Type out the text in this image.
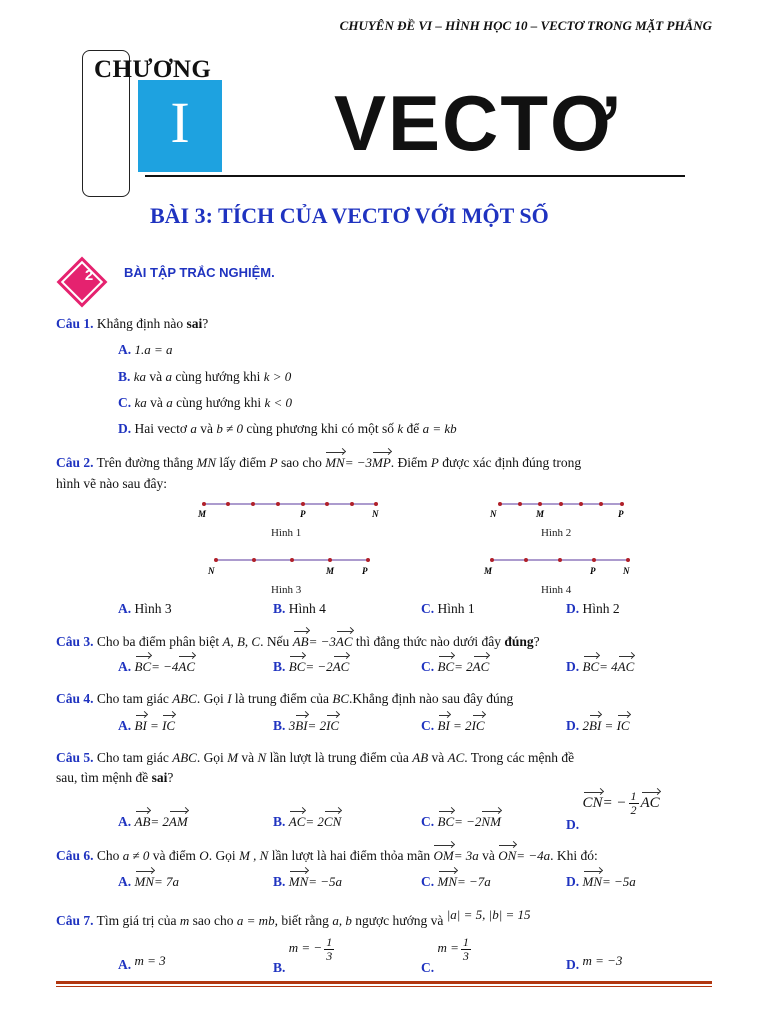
CHUYÊN ĐỀ VI – HÌNH HỌC 10 – VECTƠ TRONG MẶT PHẲNG
I
CHƯƠNG
VECTƠ
BÀI 3: TÍCH CỦA VECTƠ VỚI MỘT SỐ
2	BÀI TẬP TRẮC NGHIỆM.
Câu 1. Khẳng định nào sai?
A. 1.a = a
B. ka và a cùng hướng khi k > 0
C. ka và a cùng hướng khi k < 0
D. Hai vectơ a và b ≠ 0 cùng phương khi có một số k để a = kb
Câu 2. Trên đường thẳng MN lấy điểm P sao cho MN= −3MP. Điểm P được xác định đúng trong
hình vẽ nào sau đây:
M	P	N
Hình 1
N	M	P
Hình 2
N	M	P
Hình 3
M	P	N
Hình 4
A. Hình 3	B. Hình 4	C. Hình 1	D. Hình 2
Câu 3. Cho ba điểm phân biệt A, B, C. Nếu AB= −3AC thì đẳng thức nào dưới đây đúng?
A. BC= −4AC	B. BC= −2AC	C. BC= 2AC	D. BC= 4AC
Câu 4. Cho tam giác ABC. Gọi I là trung điểm của BC.Khẳng định nào sau đây đúng
A. BI = IC	B. 3BI= 2IC	C. BI = 2IC	D. 2BI = IC
Câu 5. Cho tam giác ABC. Gọi M và N lần lượt là trung điểm của AB và AC. Trong các mệnh đề
sau, tìm mệnh đề sai?
A. AB= 2AM	B. AC= 2CN	C. BC= −2NM	D. $CN= - \frac{1}{2}$ AC
Câu 6. Cho a ≠ 0 và điểm O. Gọi M , N lần lượt là hai điểm thỏa mãn OM= 3a và ON= −4a. Khi đó:
A. MN= 7a	B. MN= −5a	C. MN= −7a	D. MN= −5a
Câu 7. Tìm giá trị của m sao cho a = mb, biết rằng a, b ngược hướng và |a| = 5, |b| = 15
A. m = 3	B. m = − $\frac{1}{3}$
C. $m = \frac{1}{3}$
D. m = −3
